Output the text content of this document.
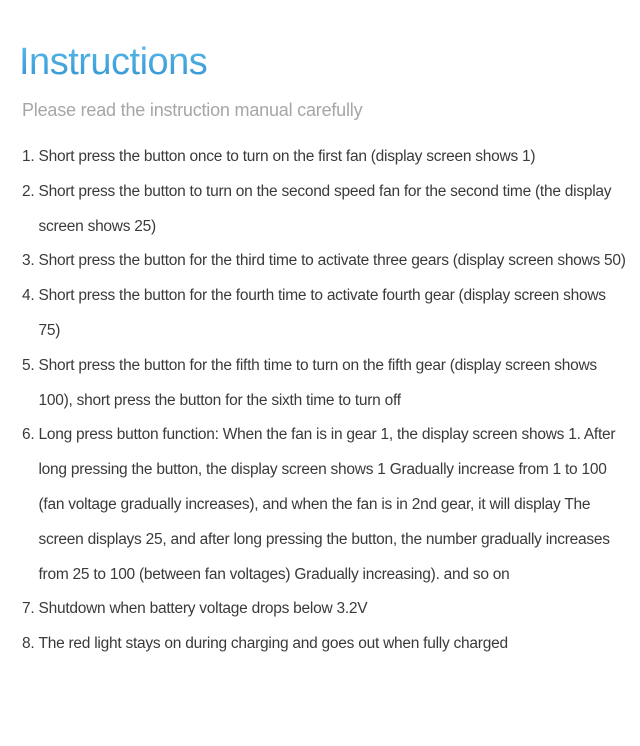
Instructions

Please read the instruction manual carefully

1. Short press the button once to turn on the first fan (display screen shows 1)
2. Short press the button to turn on the second speed fan for the second time (the display screen shows 25)
3. Short press the button for the third time to activate three gears (display screen shows 50)
4. Short press the button for the fourth time to activate fourth gear (display screen shows 75)
5. Short press the button for the fifth time to turn on the fifth gear (display screen shows 100), short press the button for the sixth time to turn off
6. Long press button function: When the fan is in gear 1, the display screen shows 1. After long pressing the button, the display screen shows 1 Gradually increase from 1 to 100 (fan voltage gradually increases), and when the fan is in 2nd gear, it will display The screen displays 25, and after long pressing the button, the number gradually increases from 25 to 100 (between fan voltages) Gradually increasing). and so on
7. Shutdown when battery voltage drops below 3.2V
8. The red light stays on during charging and goes out when fully charged
